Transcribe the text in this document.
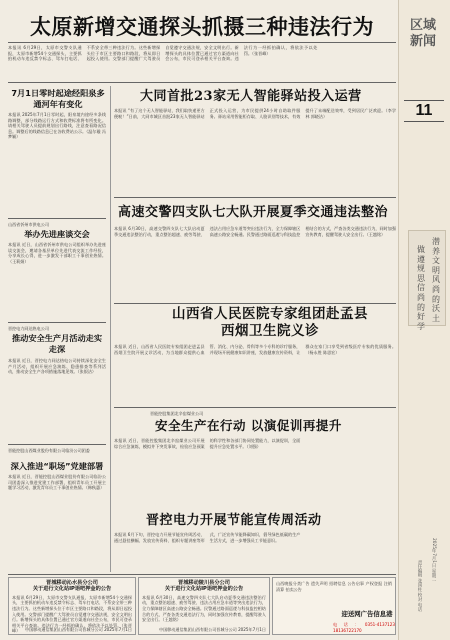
区域新闻
11
潜养文明风尚的沃土
做遵规思信尚的好学
2025年7月1日 星期二
责任编辑 张国柱 校对 电话
太原新增交通探头抓摄三种违法行为
本报讯 6月29日，太原市交警支队通报，太原市新增54个交通探头，主要抓拍机动车违反禁令标志、驾车打电话、不系安全带三种违法行为。这些新增探头位于市区主要路口和路段，将从即日起投入使用。交警部门提醒广大驾驶员自觉遵守交通法规，安全文明出行。新增探头的具体位置已通过官方渠道向社会公布，市民可登录相关平台查询。违法行为一经抓拍确认，将依法予以处罚。（张晋峰）
7月1日零时起途经阳泉多通河年有变化
本报讯 2025年7月1日零时起，阳泉境内途经多条线路调整，部分线路运行方式和收费标准将有所变化。请相关驾驶人员提前规划出行路线，注意查看路况信息。调整后的线路信息已在各收费站公示。（温尔璇 冯梦颖）
山西省忻州市供电公司
举办先进座谈交会
本报讯 近日，山西省忻州市供电公司组织举办先进座谈交流会，邀请各基层单位先进代表交流工作经验，分享成长心得，进一步激发干部职工干事创业热情。（王莉娟）
晋控电力同达热电公司
推动安全生产月活动走实走深
本报讯 近日，晋控电力同达热电公司持续深化安全生产月活动，组织开展应急演练、隐患排查等系列活动，推动安全生产各项措施落地见效。（张银洁）
晋能控股山西煤业股份有限公司临汾公司团委
深入推进“职场”党建部署
本报讯 近日，晋能控股山西煤业股份有限公司临汾公司团委深入推进党建工作部署，组织青年员工开展主题学习活动，激发青年员工干事创业热情。（韩秋惠）
大同首批23家无人智能驿站投入运营
本报讯 “有了这个无人智能驿站，我们取快递更方便啦！”日前，大同市城区首批23家无人智能驿站正式投入运营，为市民提供24小时自助取件服务。驿站采用智能柜存取、人脸识别等技术，有效提升了末端配送效率，受到居民广泛欢迎。（李学林 郭晓洁）
高速交警四支队七大队开展夏季交通违法整治
本报讯 6月30日，高速交警四支队七大队启动夏季交通违法整治行动，重点整治超速、疲劳驾驶、违法占用应急车道等突出违法行为，全力保障辖区高速公路安全畅通。民警通过路面巡逻与科技监控相结合的方式，严查各类交通违法行为，同时加强宣传教育，提醒驾驶人安全出行。（王越铭）
山西省人民医院专家组团赴孟县西烟卫生院义诊
本报讯 近日，山西省人民医院专家组团走进孟县西烟卫生院开展义诊活动，为当地群众提供心血管、消化、内分泌、骨科等多个专科的诊疗服务，并现场开展健康知识讲座，发放健康宣传资料，让群众在家门口享受到省级医疗专家的优质服务。（杨永胜 陈思宏）
晋能控股集团北辛窑煤业公司
安全生产在行动 以演促训再提升
本报讯 近日，晋能控股集团北辛窑煤业公司开展综合应急演练，模拟井下突发事故，检验应急预案的科学性和各部门协同处置能力，以演促训，全面提升应急处置水平。（刘强）
晋控电力开展节能宣传周活动
本报讯 6月下旬，晋控电力开展节能宣传周活动，通过悬挂横幅、发放宣传资料、组织专题讲座等形式，广泛宣传节能降碳知识，倡导绿色低碳的生产生活方式，进一步增强员工节能意识。
晋城移动沁水县分公司
关于进行文化站IP语吧押金的公告
本报讯 6月29日，太原市交警支队通报，太原市新增54个交通探头，主要抓拍机动车违反禁令标志、驾车打电话、不系安全带三种违法行为。这些新增探头位于市区主要路口和路段，将从即日起投入使用。交警部门提醒广大驾驶员自觉遵守交通法规，安全文明出行。新增探头的具体位置已通过官方渠道向社会公布，市民可登录相关平台查询。违法行为一经抓拍确认，将依法予以处罚。（张晋峰）	中国移动通信集团山西有限公司晋城分公司 2025年7月1日
晋城移动陵川县分公司
关于进行文化站IP语吧押金的公告
本报讯 6月30日，高速交警四支队七大队启动夏季交通违法整治行动，重点整治超速、疲劳驾驶、违法占用应急车道等突出违法行为，全力保障辖区高速公路安全畅通。民警通过路面巡逻与科技监控相结合的方式，严查各类交通违法行为，同时加强宣传教育，提醒驾驶人安全出行。（王越铭）
中国移动通信集团山西有限公司晋城分公司 2025年7月1日
山西晚报分类广告 遗失声明 招聘信息 公告启事 产权登报 注销清算 拍卖公告
迎送网广告信息港
电话：0351-4137123 18136722170
